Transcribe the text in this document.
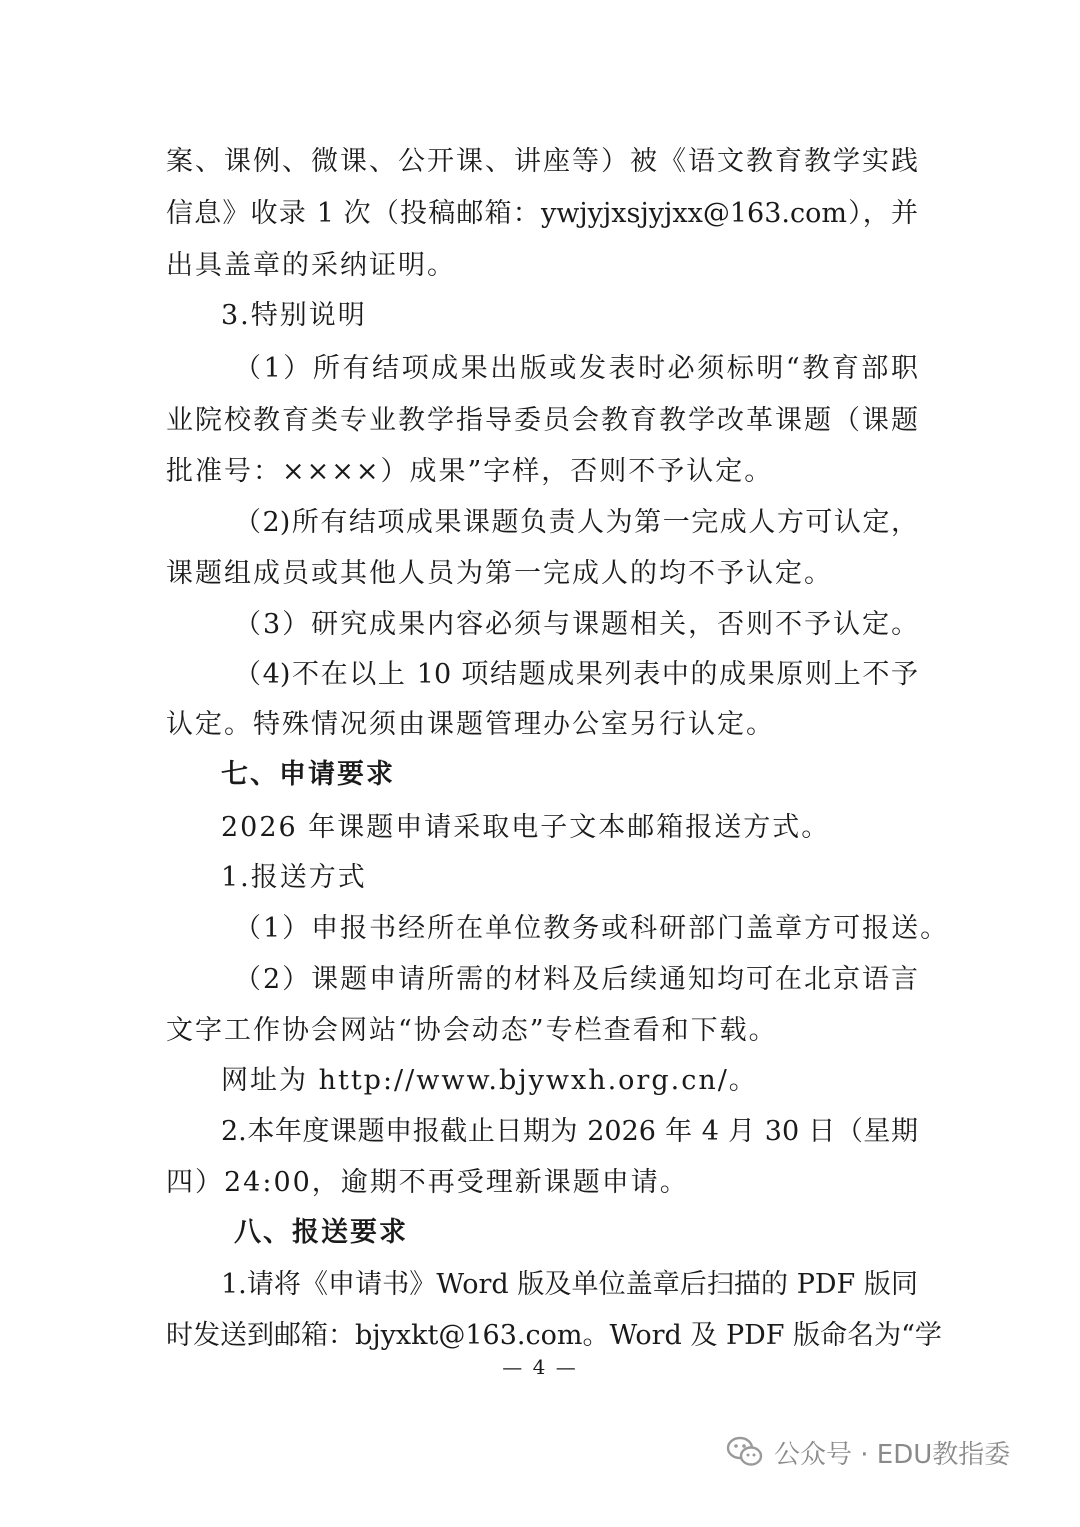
案、课例、微课、公开课、讲座等）被《语文教育教学实践
信息》收录 1 次（投稿邮箱：ywjyjxsjyjxx@163.com），并
出具盖章的采纳证明。
3.特别说明
（1）所有结项成果出版或发表时必须标明“教育部职
业院校教育类专业教学指导委员会教育教学改革课题（课题
批准号：××××）成果”字样，否则不予认定。
（2)所有结项成果课题负责人为第一完成人方可认定，
课题组成员或其他人员为第一完成人的均不予认定。
（3）研究成果内容必须与课题相关，否则不予认定。
（4)不在以上 10 项结题成果列表中的成果原则上不予
认定。特殊情况须由课题管理办公室另行认定。
七、申请要求
2026 年课题申请采取电子文本邮箱报送方式。
1.报送方式
（1）申报书经所在单位教务或科研部门盖章方可报送。
（2）课题申请所需的材料及后续通知均可在北京语言
文字工作协会网站“协会动态”专栏查看和下载。
网址为 http://www.bjywxh.org.cn/。
2.本年度课题申报截止日期为 2026 年 4 月 30 日（星期
四）24:00，逾期不再受理新课题申请。
八、报送要求
1.请将《申请书》Word 版及单位盖章后扫描的 PDF 版同
时发送到邮箱：bjyxkt@163.com。Word 及 PDF 版命名为“学
— 4 —
公众号 · EDU教指委
